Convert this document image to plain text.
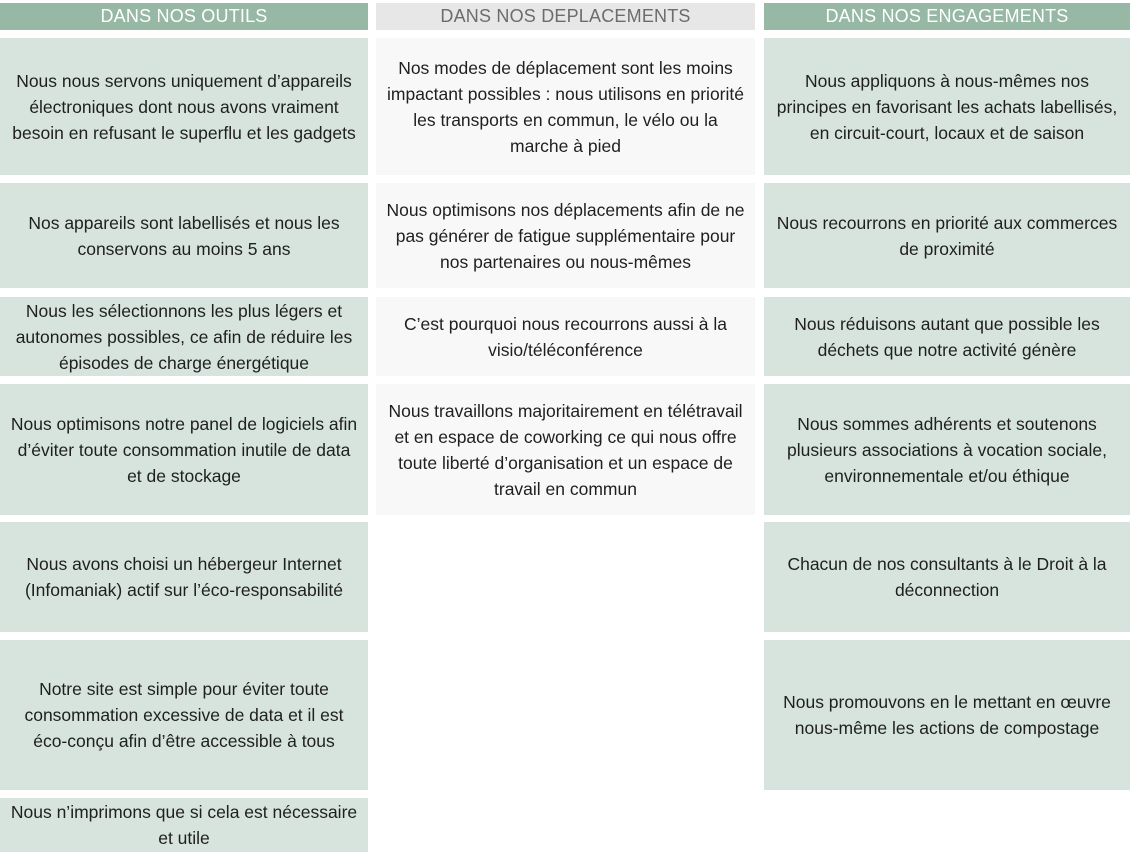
DANS NOS OUTILS	DANS NOS DEPLACEMENTS	DANS NOS ENGAGEMENTS
Nous nous servons uniquement d’appareils électroniques dont nous avons vraiment besoin en refusant le superflu et les gadgets
Nos appareils sont labellisés et nous les conservons au moins 5 ans
Nous les sélectionnons les plus légers et autonomes possibles, ce afin de réduire les épisodes de charge énergétique
Nous optimisons notre panel de logiciels afin d’éviter toute consommation inutile de data et de stockage
Nous avons choisi un hébergeur Internet (Infomaniak) actif sur l’éco-responsabilité
Notre site est simple pour éviter toute consommation excessive de data et il est éco-conçu afin d’être accessible à tous
Nous n’imprimons que si cela est nécessaire et utile
Nos modes de déplacement sont les moins impactant possibles : nous utilisons en priorité les transports en commun, le vélo ou la marche à pied
Nous optimisons nos déplacements afin de ne pas générer de fatigue supplémentaire pour nos partenaires ou nous-mêmes
C’est pourquoi nous recourrons aussi à la visio/téléconférence
Nous travaillons majoritairement en télétravail et en espace de coworking ce qui nous offre toute liberté d’organisation et un espace de travail en commun
Nous appliquons à nous-mêmes nos principes en favorisant les achats labellisés, en circuit-court, locaux et de saison
Nous recourrons en priorité aux commerces de proximité
Nous réduisons autant que possible les déchets que notre activité génère
Nous sommes adhérents et soutenons plusieurs associations à vocation sociale, environnementale et/ou éthique
Chacun de nos consultants à le Droit à la déconnection
Nous promouvons en le mettant en œuvre nous-même les actions de compostage
